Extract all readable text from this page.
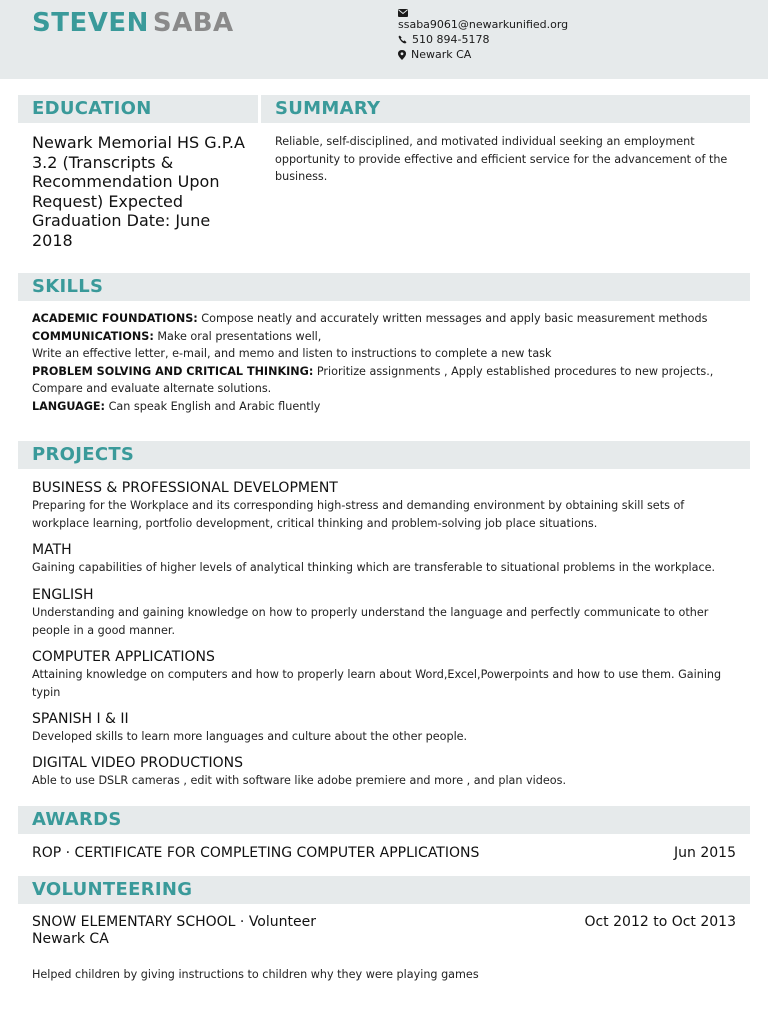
STEVEN SABA	ssaba9061@newarkunified.org
510 894-5178
Newark CA
EDUCATION	SUMMARY
Newark Memorial HS G.P.A 3.2 (Transcripts & Recommendation Upon Request) Expected Graduation Date: June 2018
Reliable, self-disciplined, and motivated individual seeking an employment opportunity to provide effective and efficient service for the advancement of the business.
SKILLS
ACADEMIC FOUNDATIONS: Compose neatly and accurately written messages and apply basic measurement methods
COMMUNICATIONS: Make oral presentations well,
Write an effective letter, e-mail, and memo and listen to instructions to complete a new task
PROBLEM SOLVING AND CRITICAL THINKING: Prioritize assignments , Apply established procedures to new projects.,
Compare and evaluate alternate solutions.
LANGUAGE: Can speak English and Arabic fluently
PROJECTS
BUSINESS & PROFESSIONAL DEVELOPMENT
Preparing for the Workplace and its corresponding high-stress and demanding environment by obtaining skill sets of workplace learning, portfolio development, critical thinking and problem-solving job place situations.
MATH
Gaining capabilities of higher levels of analytical thinking which are transferable to situational problems in the workplace.
ENGLISH
Understanding and gaining knowledge on how to properly understand the language and perfectly communicate to other people in a good manner.
COMPUTER APPLICATIONS
Attaining knowledge on computers and how to properly learn about Word,Excel,Powerpoints and how to use them. Gaining typin
SPANISH I & II
Developed skills to learn more languages and culture about the other people.
DIGITAL VIDEO PRODUCTIONS
Able to use DSLR cameras , edit with software like adobe premiere and more , and plan videos.
AWARDS
ROP · CERTIFICATE FOR COMPLETING COMPUTER APPLICATIONS	Jun 2015
VOLUNTEERING
SNOW ELEMENTARY SCHOOL · Volunteer
Newark CA
Oct 2012 to Oct 2013
Helped children by giving instructions to children why they were playing games
